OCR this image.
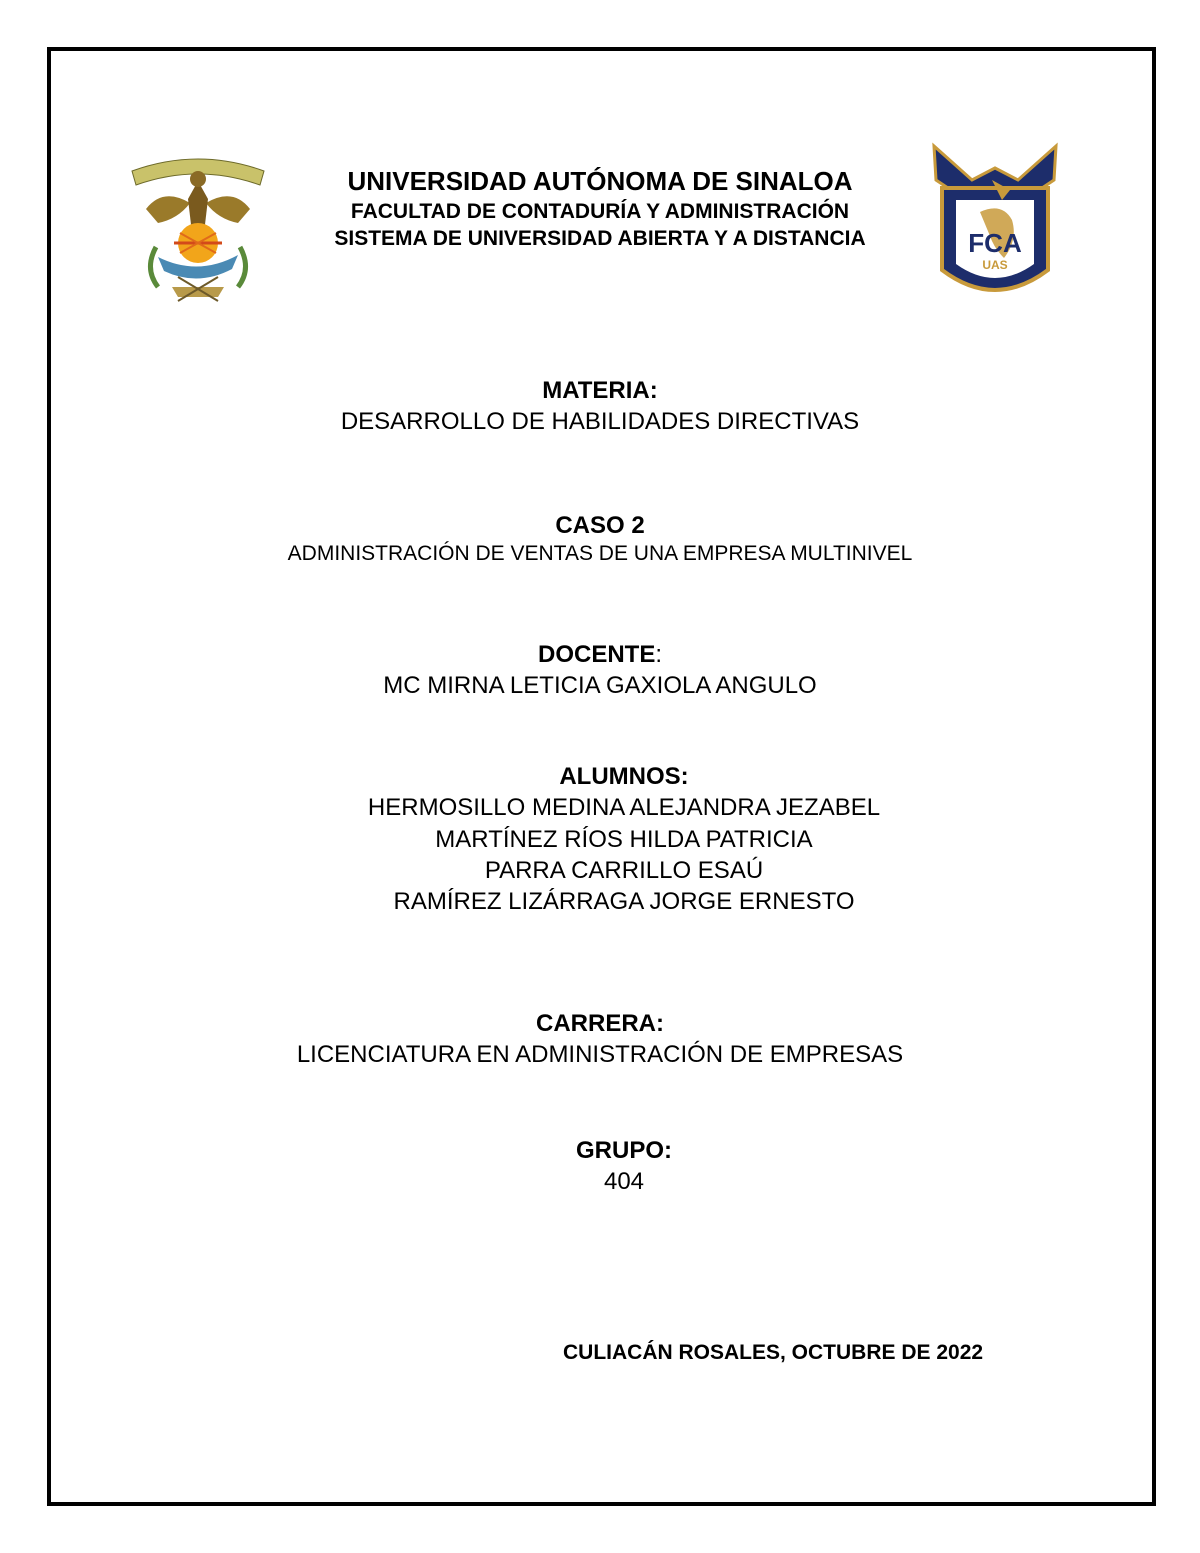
FCA
UAS
UNIVERSIDAD AUTÓNOMA DE SINALOA
FACULTAD DE CONTADURÍA Y ADMINISTRACIÓN
SISTEMA DE UNIVERSIDAD ABIERTA Y A DISTANCIA
MATERIA:
DESARROLLO DE HABILIDADES DIRECTIVAS
CASO 2
ADMINISTRACIÓN DE VENTAS DE UNA EMPRESA MULTINIVEL
DOCENTE:
MC MIRNA LETICIA GAXIOLA ANGULO
ALUMNOS:
HERMOSILLO MEDINA ALEJANDRA JEZABEL
MARTÍNEZ RÍOS HILDA PATRICIA
PARRA CARRILLO ESAÚ
RAMÍREZ LIZÁRRAGA JORGE ERNESTO
CARRERA:
LICENCIATURA EN ADMINISTRACIÓN DE EMPRESAS
GRUPO:
404
CULIACÁN ROSALES, OCTUBRE DE 2022
